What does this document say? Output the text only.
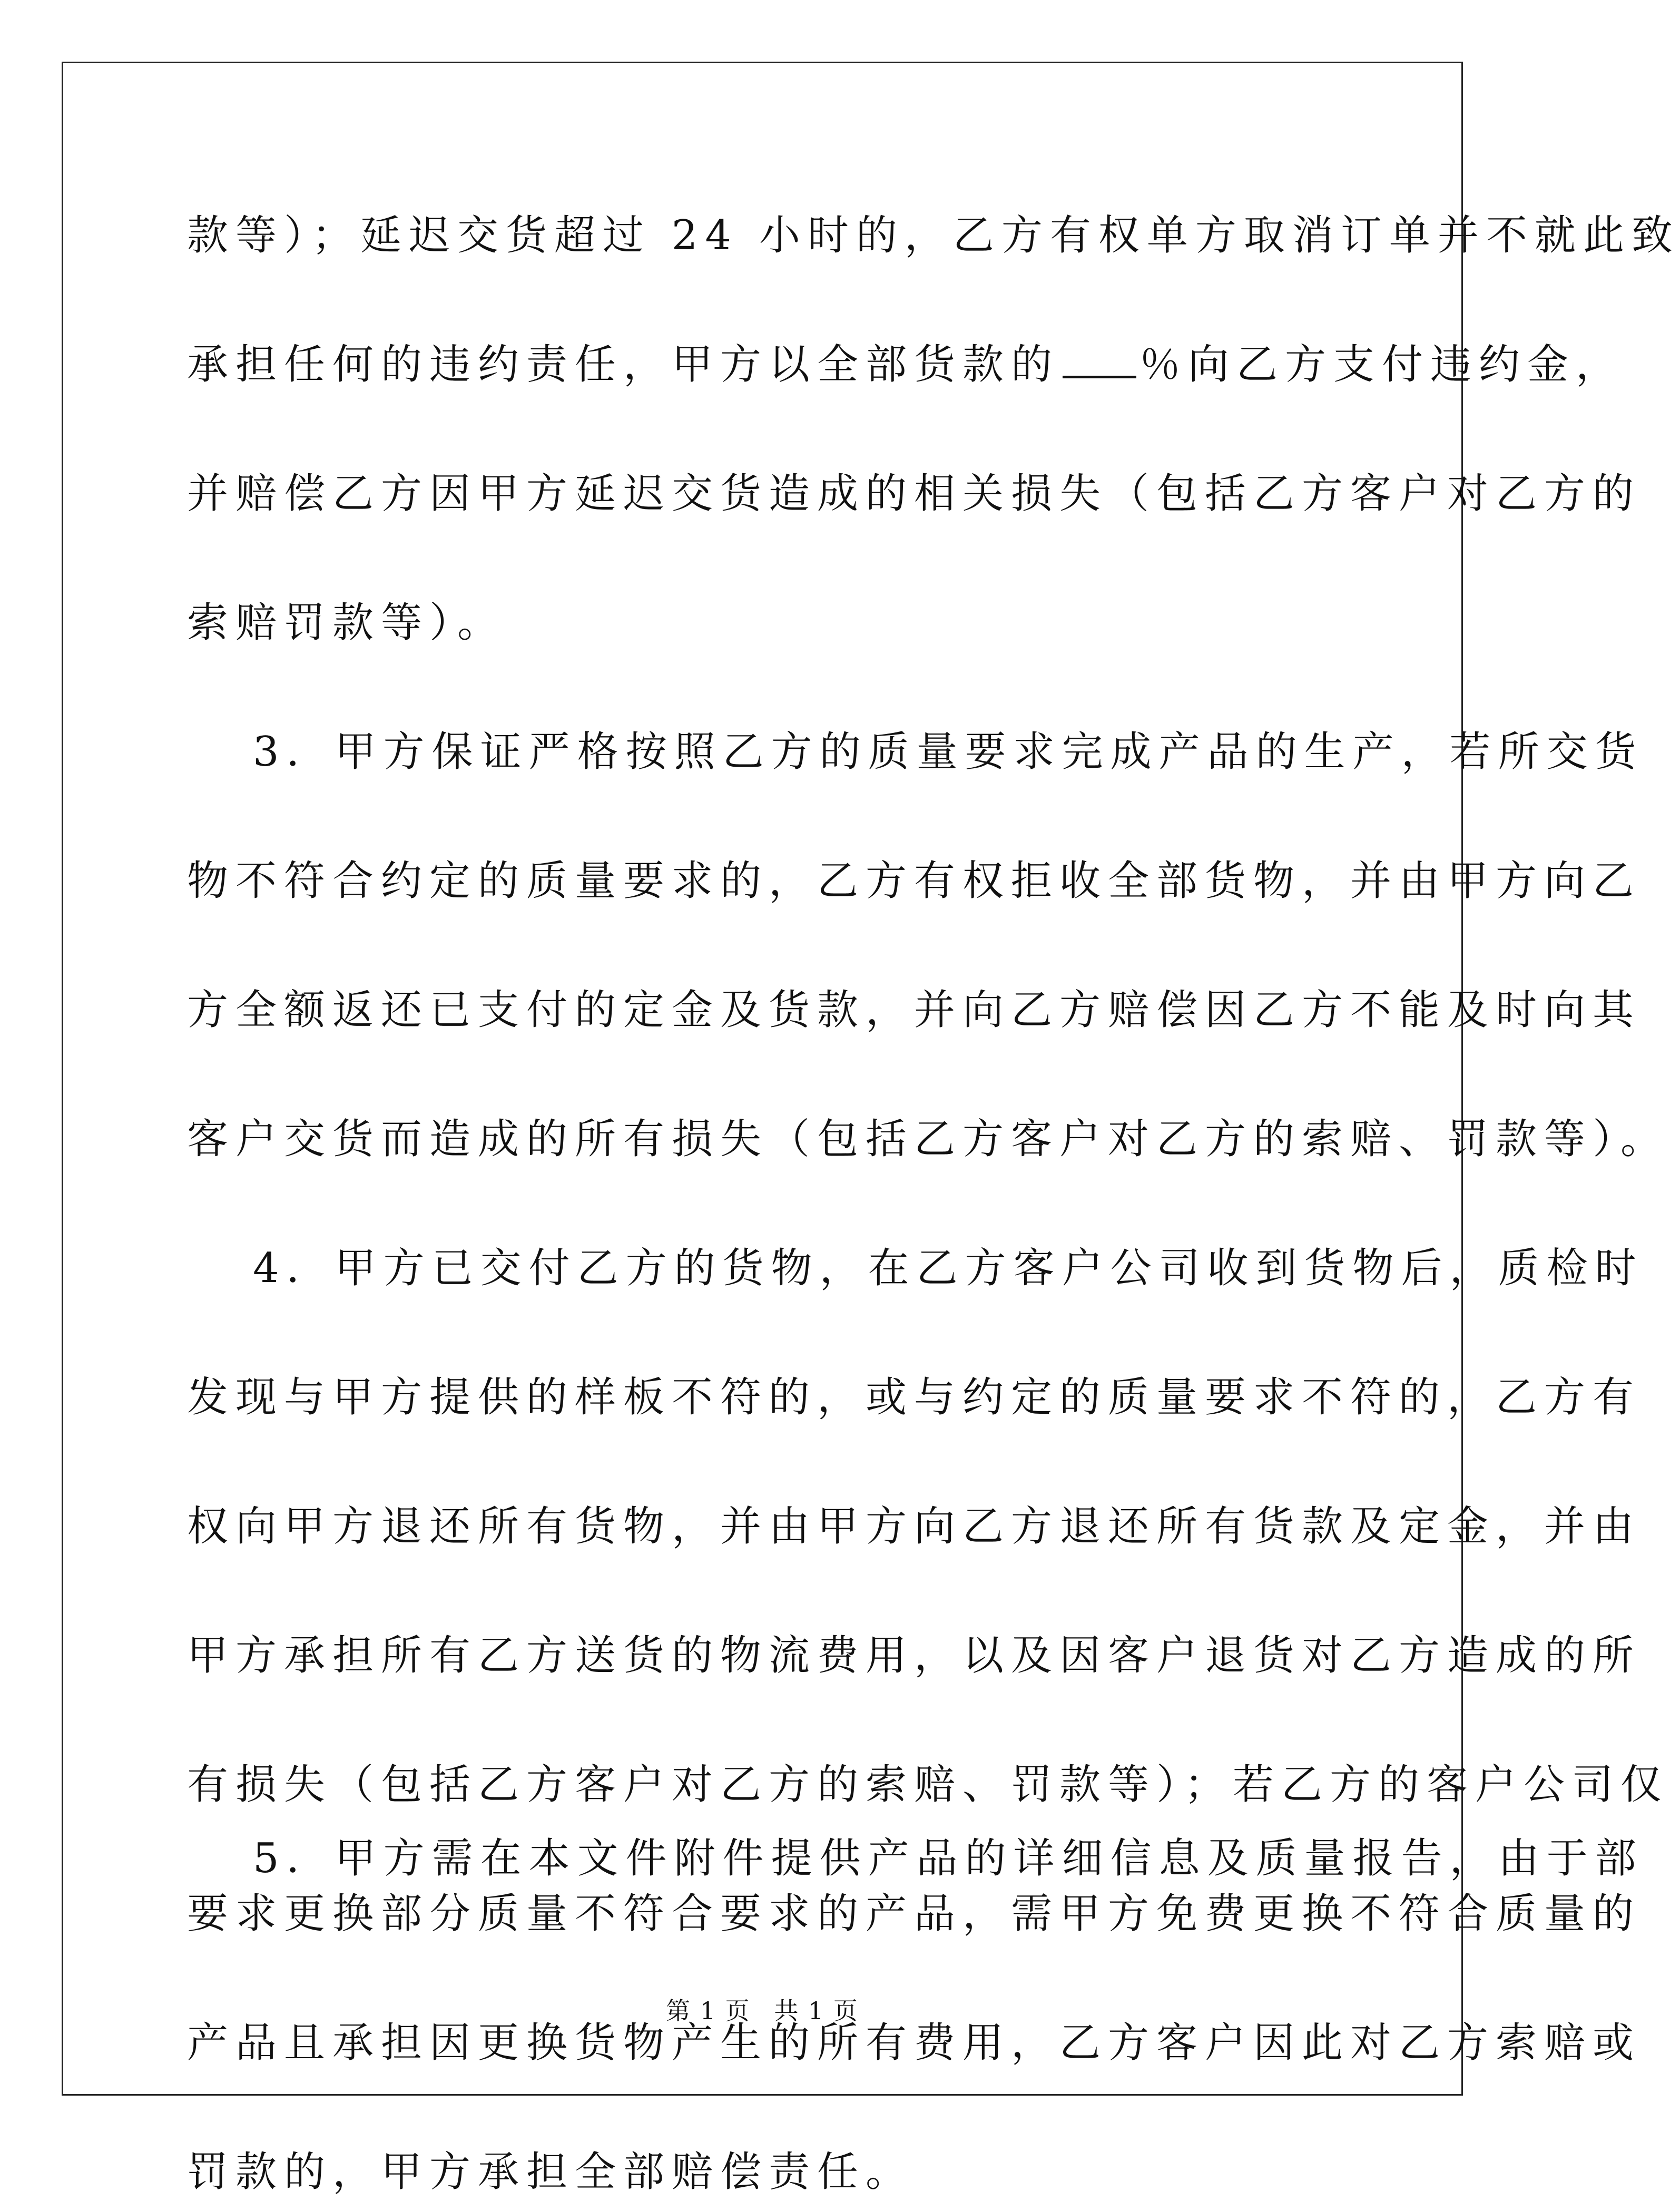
款等）；延迟交货超过 24 小时的，乙方有权单方取消订单并不就此致
承担任何的违约责任，甲方以全部货款的 ％向乙方支付违约金，
并赔偿乙方因甲方延迟交货造成的相关损失（包括乙方客户对乙方的
索赔罚款等）。
3．甲方保证严格按照乙方的质量要求完成产品的生产，若所交货
物不符合约定的质量要求的，乙方有权拒收全部货物，并由甲方向乙
方全额返还已支付的定金及货款，并向乙方赔偿因乙方不能及时向其
客户交货而造成的所有损失（包括乙方客户对乙方的索赔、罚款等）。
4．甲方已交付乙方的货物，在乙方客户公司收到货物后，质检时
发现与甲方提供的样板不符的，或与约定的质量要求不符的，乙方有
权向甲方退还所有货物，并由甲方向乙方退还所有货款及定金，并由
甲方承担所有乙方送货的物流费用，以及因客户退货对乙方造成的所
有损失（包括乙方客户对乙方的索赔、罚款等）；若乙方的客户公司仅
要求更换部分质量不符合要求的产品，需甲方免费更换不符合质量的
产品且承担因更换货物产生的所有费用，乙方客户因此对乙方索赔或
罚款的，甲方承担全部赔偿责任。
5．甲方需在本文件附件提供产品的详细信息及质量报告，由于部
第 1 页 共 1 页
